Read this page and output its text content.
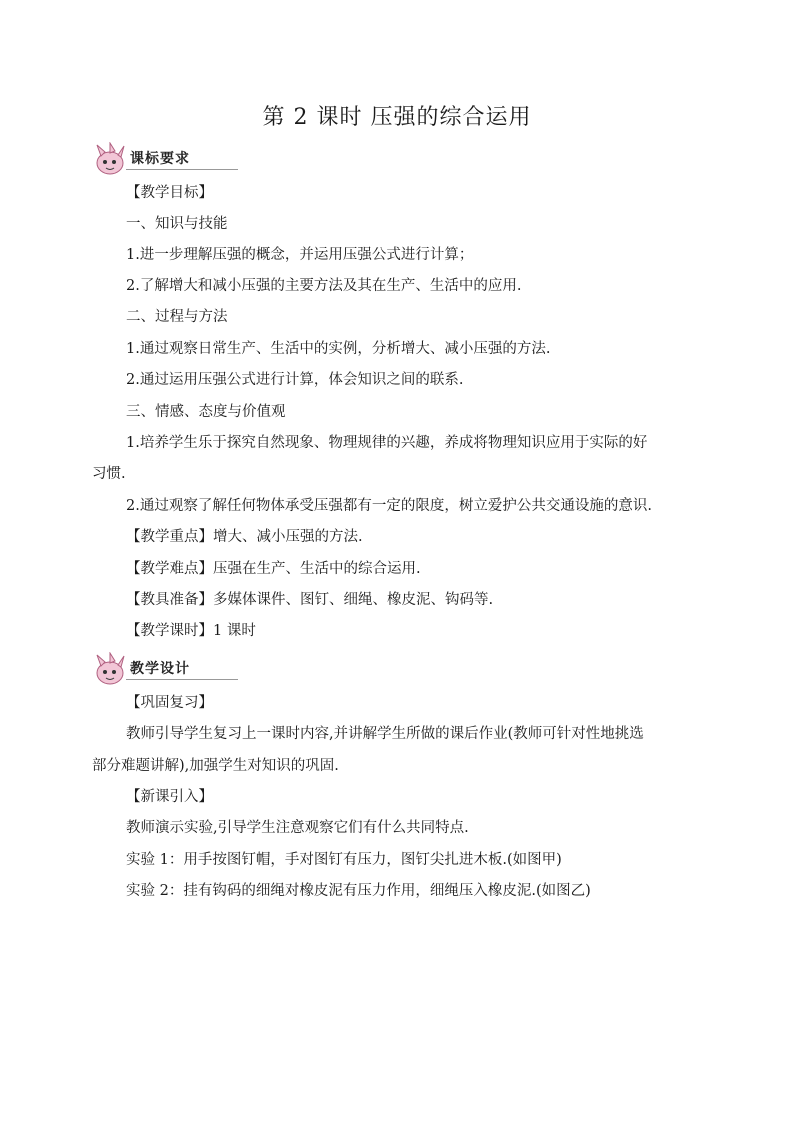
第 2 课时 压强的综合运用
课标要求
【教学目标】
一、知识与技能
1.进一步理解压强的概念，并运用压强公式进行计算；
2.了解增大和减小压强的主要方法及其在生产、生活中的应用.
二、过程与方法
1.通过观察日常生产、生活中的实例，分析增大、减小压强的方法.
2.通过运用压强公式进行计算，体会知识之间的联系.
三、情感、态度与价值观
1.培养学生乐于探究自然现象、物理规律的兴趣，养成将物理知识应用于实际的好
习惯.
2.通过观察了解任何物体承受压强都有一定的限度，树立爱护公共交通设施的意识.
【教学重点】增大、减小压强的方法.
【教学难点】压强在生产、生活中的综合运用.
【教具准备】多媒体课件、图钉、细绳、橡皮泥、钩码等.
【教学课时】1 课时
教学设计
【巩固复习】
教师引导学生复习上一课时内容,并讲解学生所做的课后作业(教师可针对性地挑选
部分难题讲解),加强学生对知识的巩固.
【新课引入】
教师演示实验,引导学生注意观察它们有什么共同特点.
实验 1：用手按图钉帽，手对图钉有压力，图钉尖扎进木板.(如图甲)
实验 2：挂有钩码的细绳对橡皮泥有压力作用，细绳压入橡皮泥.(如图乙)
